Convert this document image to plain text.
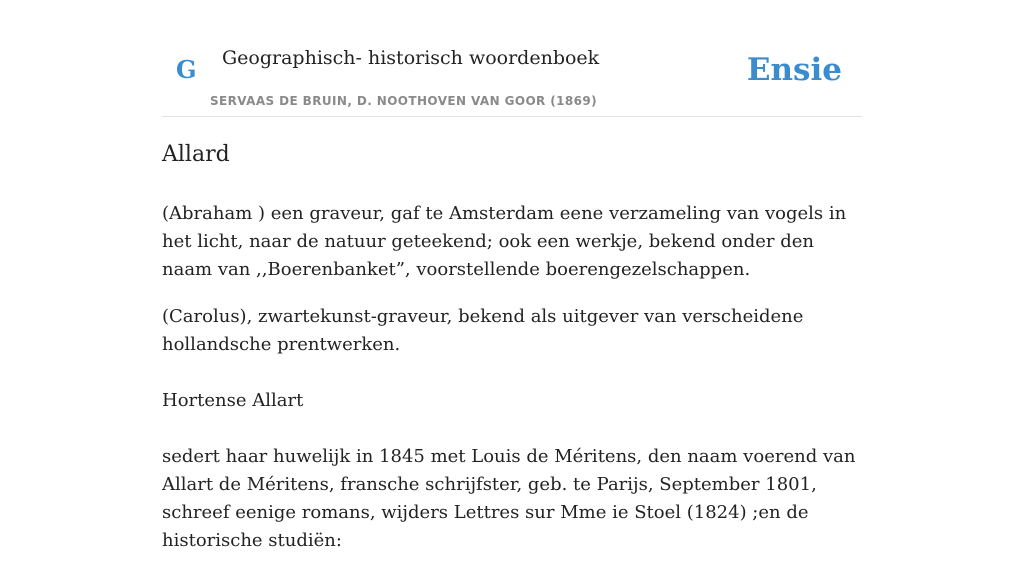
G Geographisch- historisch woordenboek
SERVAAS DE BRUIN, D. NOOTHOVEN VAN GOOR (1869)
Ensie
Allard

(Abraham ) een graveur, gaf te Amsterdam eene verzameling van vogels in het licht, naar de natuur geteekend; ook een werkje, bekend onder den naam van ,,Boerenbanket”, voorstellende boerengezelschappen.

(Carolus), zwartekunst-graveur, bekend als uitgever van verscheidene hollandsche prentwerken.

Hortense Allart

sedert haar huwelijk in 1845 met Louis de Méritens, den naam voerend van Allart de Méritens, fransche schrijfster, geb. te Parijs, September 1801, schreef eenige romans, wijders Lettres sur Mme ie Stoel (1824) ;en de historische studiën:
